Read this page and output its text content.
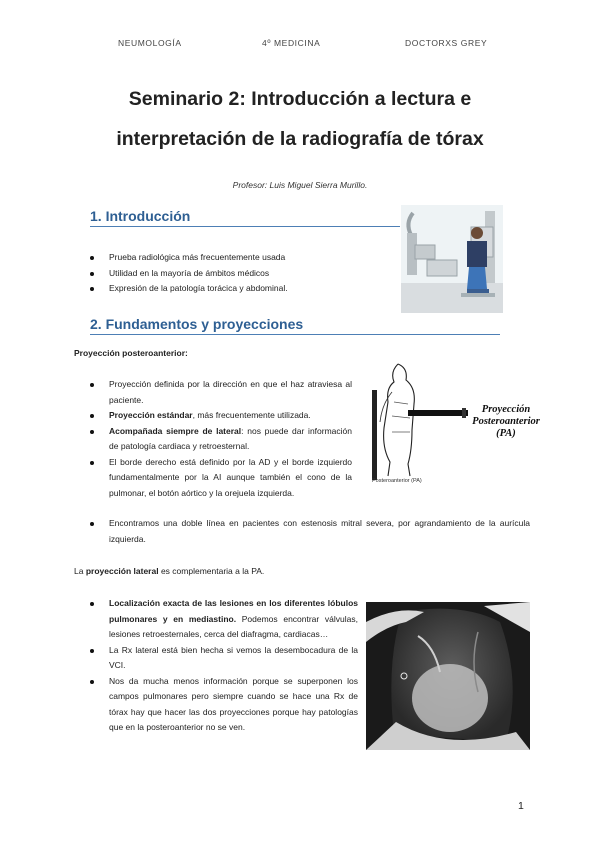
NEUMOLOGÍA	4º MEDICINA	DOCTORXS GREY
Seminario 2: Introducción a lectura e
interpretación de la radiografía de tórax
Profesor: Luis Miguel Sierra Murillo.
1. Introducción
Prueba radiológica más frecuentemente usada
Utilidad en la mayoría de ámbitos médicos
Expresión de la patología torácica y abdominal.
2. Fundamentos y proyecciones
Proyección posteroanterior:
Proyección definida por la dirección en que el haz atraviesa al paciente.
Proyección estándar, más frecuentemente utilizada.
Acompañada siempre de lateral: nos puede dar información de patología cardiaca y retroesternal.
El borde derecho está definido por la AD y el borde izquierdo fundamentalmente por la AI aunque también el cono de la pulmonar, el botón aórtico y la orejuela izquierda.
Encontramos una doble línea en pacientes con estenosis mitral severa, por agrandamiento de la aurícula izquierda.
Proyección
Posteroanterior
(PA)
Posteroanterior (PA)
La proyección lateral es complementaria a la PA.
Localización exacta de las lesiones en los diferentes lóbulos pulmonares y en mediastino. Podemos encontrar válvulas, lesiones retroesternales, cerca del diafragma, cardiacas…
La Rx lateral está bien hecha si vemos la desembocadura de la VCI.
Nos da mucha menos información porque se superponen los campos pulmonares pero siempre cuando se hace una Rx de tórax hay que hacer las dos proyecciones porque hay patologías que en la posteroanterior no se ven.
1
